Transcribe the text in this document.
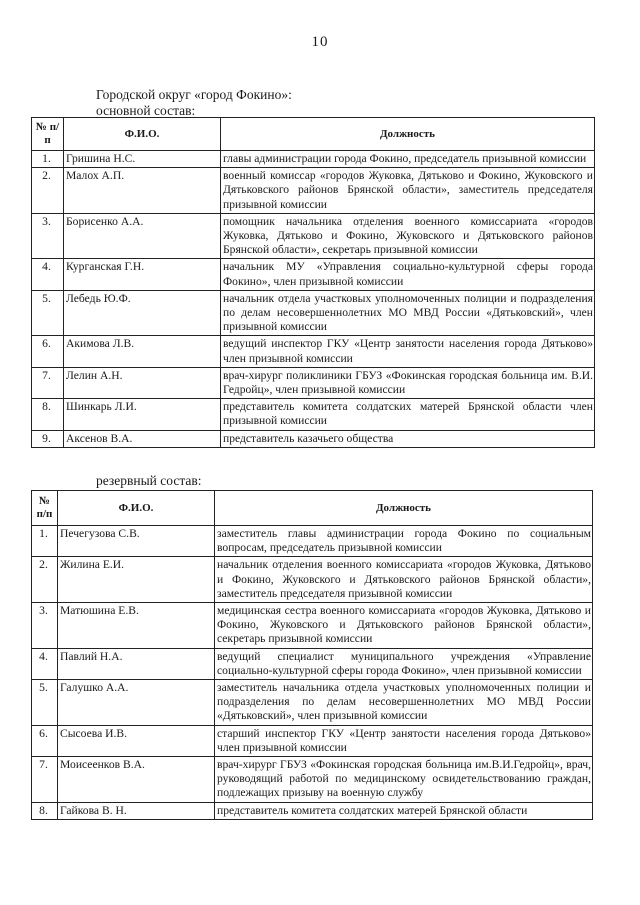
10
Городской округ «город Фокино»:
основной состав:
№ п/п	Ф.И.О.	Должность
1.	Гришина Н.С.	главы администрации города Фокино, председатель призывной комиссии
2.	Малох А.П.	военный комиссар «городов Жуковка, Дятьково и Фокино, Жуковского и Дятьковского районов Брянской области», заместитель председателя призывной комиссии
3.	Борисенко А.А.	помощник начальника отделения военного комиссариата «городов Жуковка, Дятьково и Фокино, Жуковского и Дятьковского районов Брянской области», секретарь призывной комиссии
4.	Курганская Г.Н.	начальник МУ «Управления социально-культурной сферы города Фокино», член призывной комиссии
5.	Лебедь Ю.Ф.	начальник отдела участковых уполномоченных полиции и подразделения по делам несовершеннолетних МО МВД России «Дятьковский», член призывной комиссии
6.	Акимова Л.В.	ведущий инспектор ГКУ «Центр занятости населения города Дятьково» член призывной комиссии
7.	Лелин А.Н.	врач-хирург поликлиники ГБУЗ «Фокинская городская больница им. В.И. Гедройц», член призывной комиссии
8.	Шинкарь Л.И.	представитель комитета солдатских матерей Брянской области член призывной комиссии
9.	Аксенов В.А.	представитель казачьего общества
резервный состав:
№ п/п	Ф.И.О.	Должность
1.	Печегузова С.В.	заместитель главы администрации города Фокино по социальным вопросам, председатель призывной комиссии
2.	Жилина Е.И.	начальник отделения военного комиссариата «городов Жуковка, Дятьково и Фокино, Жуковского и Дятьковского районов Брянской области», заместитель председателя призывной комиссии
3.	Матюшина Е.В.	медицинская сестра военного комиссариата «городов Жуковка, Дятьково и Фокино, Жуковского и Дятьковского районов Брянской области», секретарь призывной комиссии
4.	Павлий Н.А.	ведущий специалист муниципального учреждения «Управление социально-культурной сферы города Фокино», член призывной комиссии
5.	Галушко А.А.	заместитель начальника отдела участковых уполномоченных полиции и подразделения по делам несовершеннолетних МО МВД России «Дятьковский», член призывной комиссии
6.	Сысоева И.В.	старший инспектор ГКУ «Центр занятости населения города Дятьково» член призывной комиссии
7.	Моисеенков В.А.	врач-хирург ГБУЗ «Фокинская городская больница им.В.И.Гедройц», врач, руководящий работой по медицинскому освидетельствованию граждан, подлежащих призыву на военную службу
8.	Гайкова В. Н.	представитель комитета солдатских матерей Брянской области
